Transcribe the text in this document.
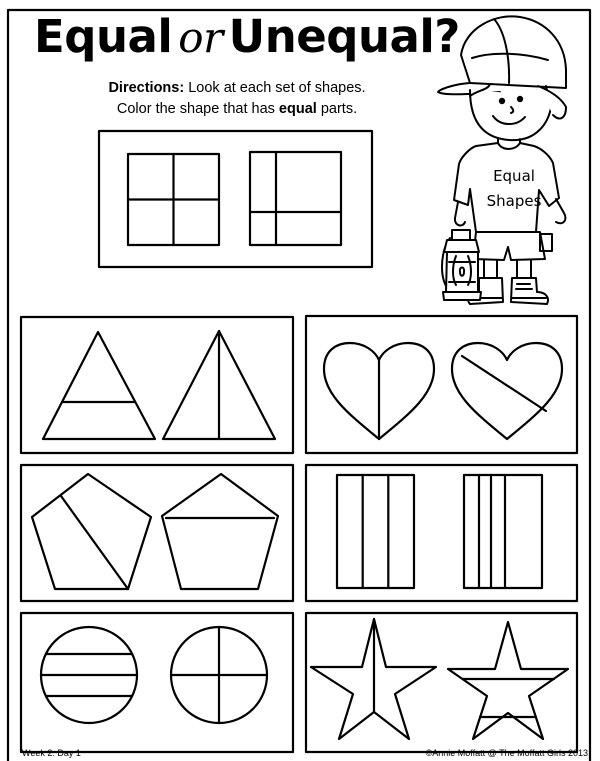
Equal or Unequal?
Directions: Look at each set of shapes.
Color the shape that has equal parts.
Equal
Shapes
Week 2: Day 1	©Annie Moffatt @ The Moffatt Girls 2013
